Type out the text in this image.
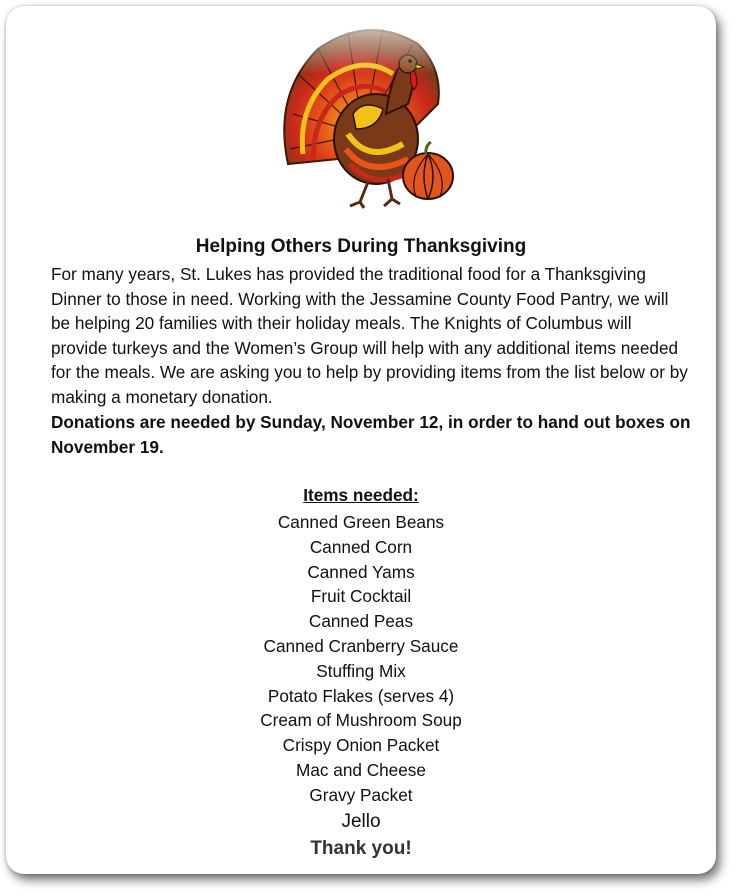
Helping Others During Thanksgiving

For many years, St. Lukes has provided the traditional food for a Thanksgiving Dinner to those in need. Working with the Jessamine County Food Pantry, we will be helping 20 families with their holiday meals. The Knights of Columbus will provide turkeys and the Women’s Group will help with any additional items needed for the meals. We are asking you to help by providing items from the list below or by making a monetary donation.

Donations are needed by Sunday, November 12, in order to hand out boxes on November 19.

Items needed:

Canned Green Beans
Canned Corn
Canned Yams
Fruit Cocktail
Canned Peas
Canned Cranberry Sauce
Stuffing Mix
Potato Flakes (serves 4)
Cream of Mushroom Soup
Crispy Onion Packet
Mac and Cheese
Gravy Packet
Jello

Thank you!
